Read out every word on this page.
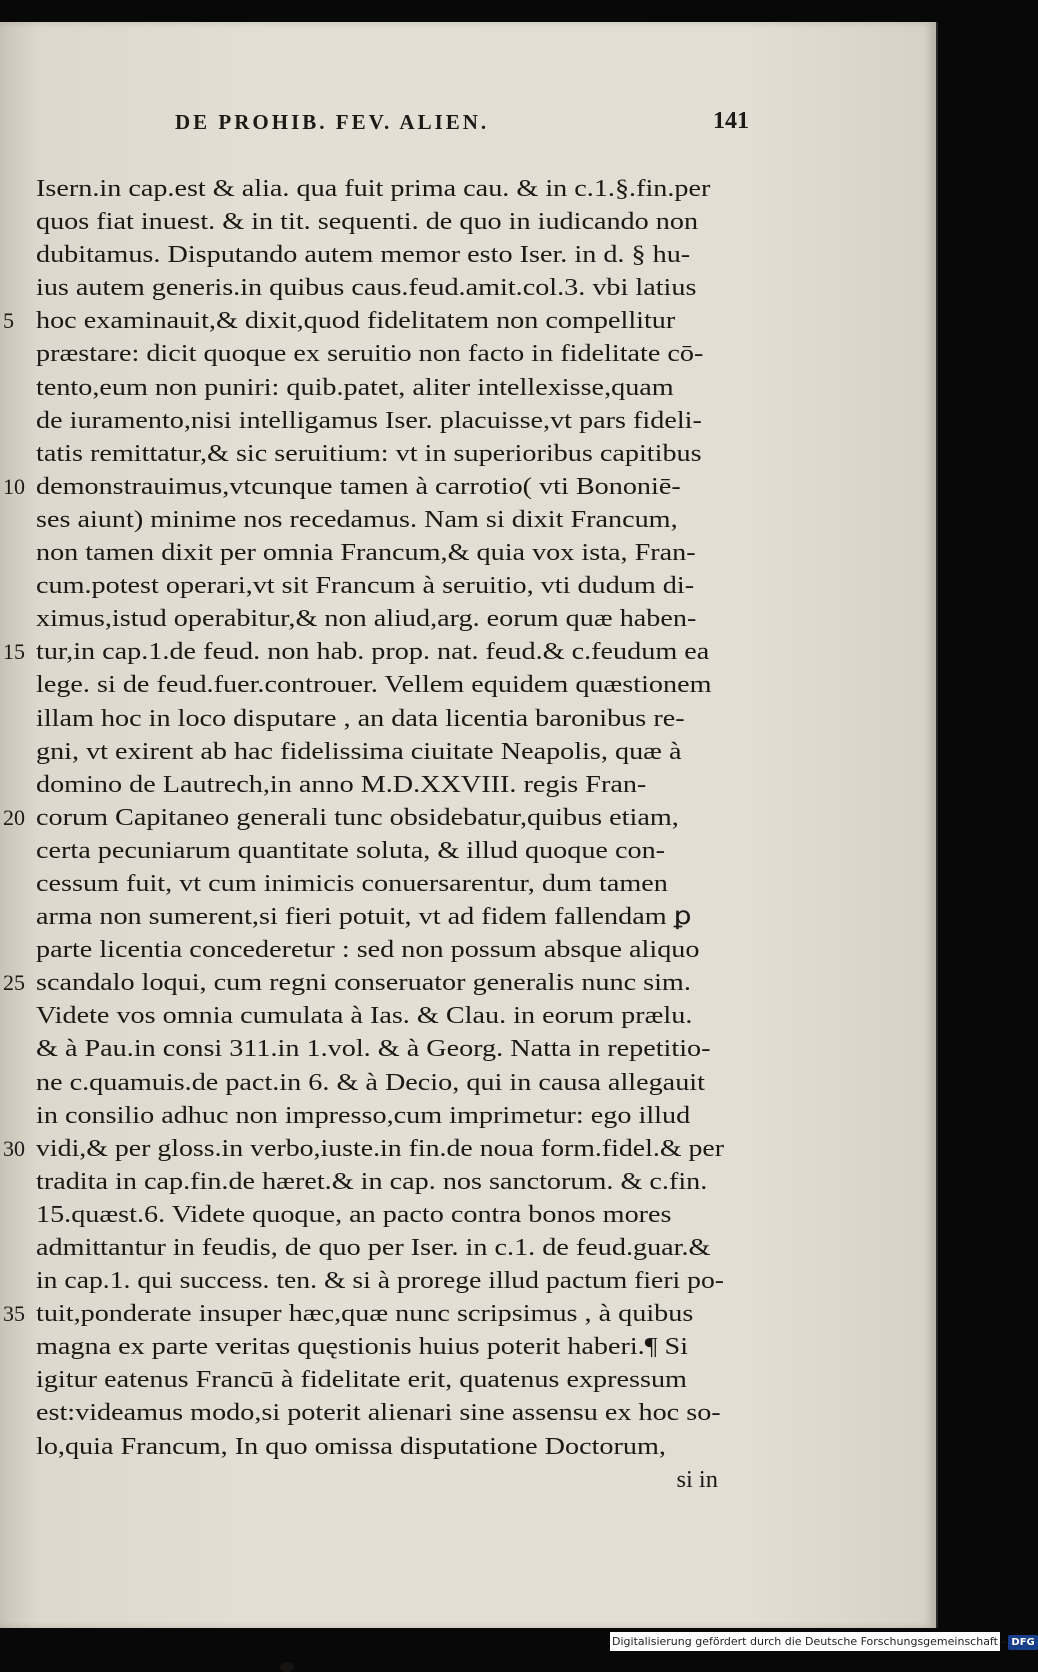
DE PROHIB. FEV. ALIEN.	141
Isern.in cap.est & alia. qua fuit prima cau. & in c.1.§.fin.per
quos fiat inuest. & in tit. sequenti. de quo in iudicando non
dubitamus. Disputando autem memor esto Iser. in d. § hu-
ius autem generis.in quibus caus.feud.amit.col.3. vbi latius
5 hoc examinauit,& dixit,quod fidelitatem non compellitur
præstare: dicit quoque ex seruitio non facto in fidelitate cō-
tento,eum non puniri: quib.patet, aliter intellexisse,quam
de iuramento,nisi intelligamus Iser. placuisse,vt pars fideli-
tatis remittatur,& sic seruitium: vt in superioribus capitibus
10 demonstrauimus,vtcunque tamen à carrotio( vti Bononiē-
ses aiunt) minime nos recedamus. Nam si dixit Francum,
non tamen dixit per omnia Francum,& quia vox ista, Fran-
cum.potest operari,vt sit Francum à seruitio, vti dudum di-
ximus,istud operabitur,& non aliud,arg. eorum quæ haben-
15 tur,in cap.1.de feud. non hab. prop. nat. feud.& c.feudum ea
lege. si de feud.fuer.controuer. Vellem equidem quæstionem
illam hoc in loco disputare , an data licentia baronibus re-
gni, vt exirent ab hac fidelissima ciuitate Neapolis, quæ à
domino de Lautrech,in anno M.D.XXVIII. regis Fran-
20 corum Capitaneo generali tunc obsidebatur,quibus etiam,
certa pecuniarum quantitate soluta, & illud quoque con-
cessum fuit, vt cum inimicis conuersarentur, dum tamen
arma non sumerent,si fieri potuit, vt ad fidem fallendam ꝑ
parte licentia concederetur : sed non possum absque aliquo
25 scandalo loqui, cum regni conseruator generalis nunc sim.
Videte vos omnia cumulata à Ias. & Clau. in eorum prælu.
& à Pau.in consi 311.in 1.vol. & à Georg. Natta in repetitio-
ne c.quamuis.de pact.in 6. & à Decio, qui in causa allegauit
in consilio adhuc non impresso,cum imprimetur: ego illud
30 vidi,& per gloss.in verbo,iuste.in fin.de noua form.fidel.& per
tradita in cap.fin.de hæret.& in cap. nos sanctorum. & c.fin.
15.quæst.6. Videte quoque, an pacto contra bonos mores
admittantur in feudis, de quo per Iser. in c.1. de feud.guar.&
in cap.1. qui success. ten. & si à prorege illud pactum fieri po-
35 tuit,ponderate insuper hæc,quæ nunc scripsimus , à quibus
magna ex parte veritas quęstionis huius poterit haberi.¶ Si
igitur eatenus Francū à fidelitate erit, quatenus expressum
est:videamus modo,si poterit alienari sine assensu ex hoc so-
lo,quia Francum, In quo omissa disputatione Doctorum,
si in
Digitalisierung gefördert durch die Deutsche Forschungsgemeinschaft - DFG
